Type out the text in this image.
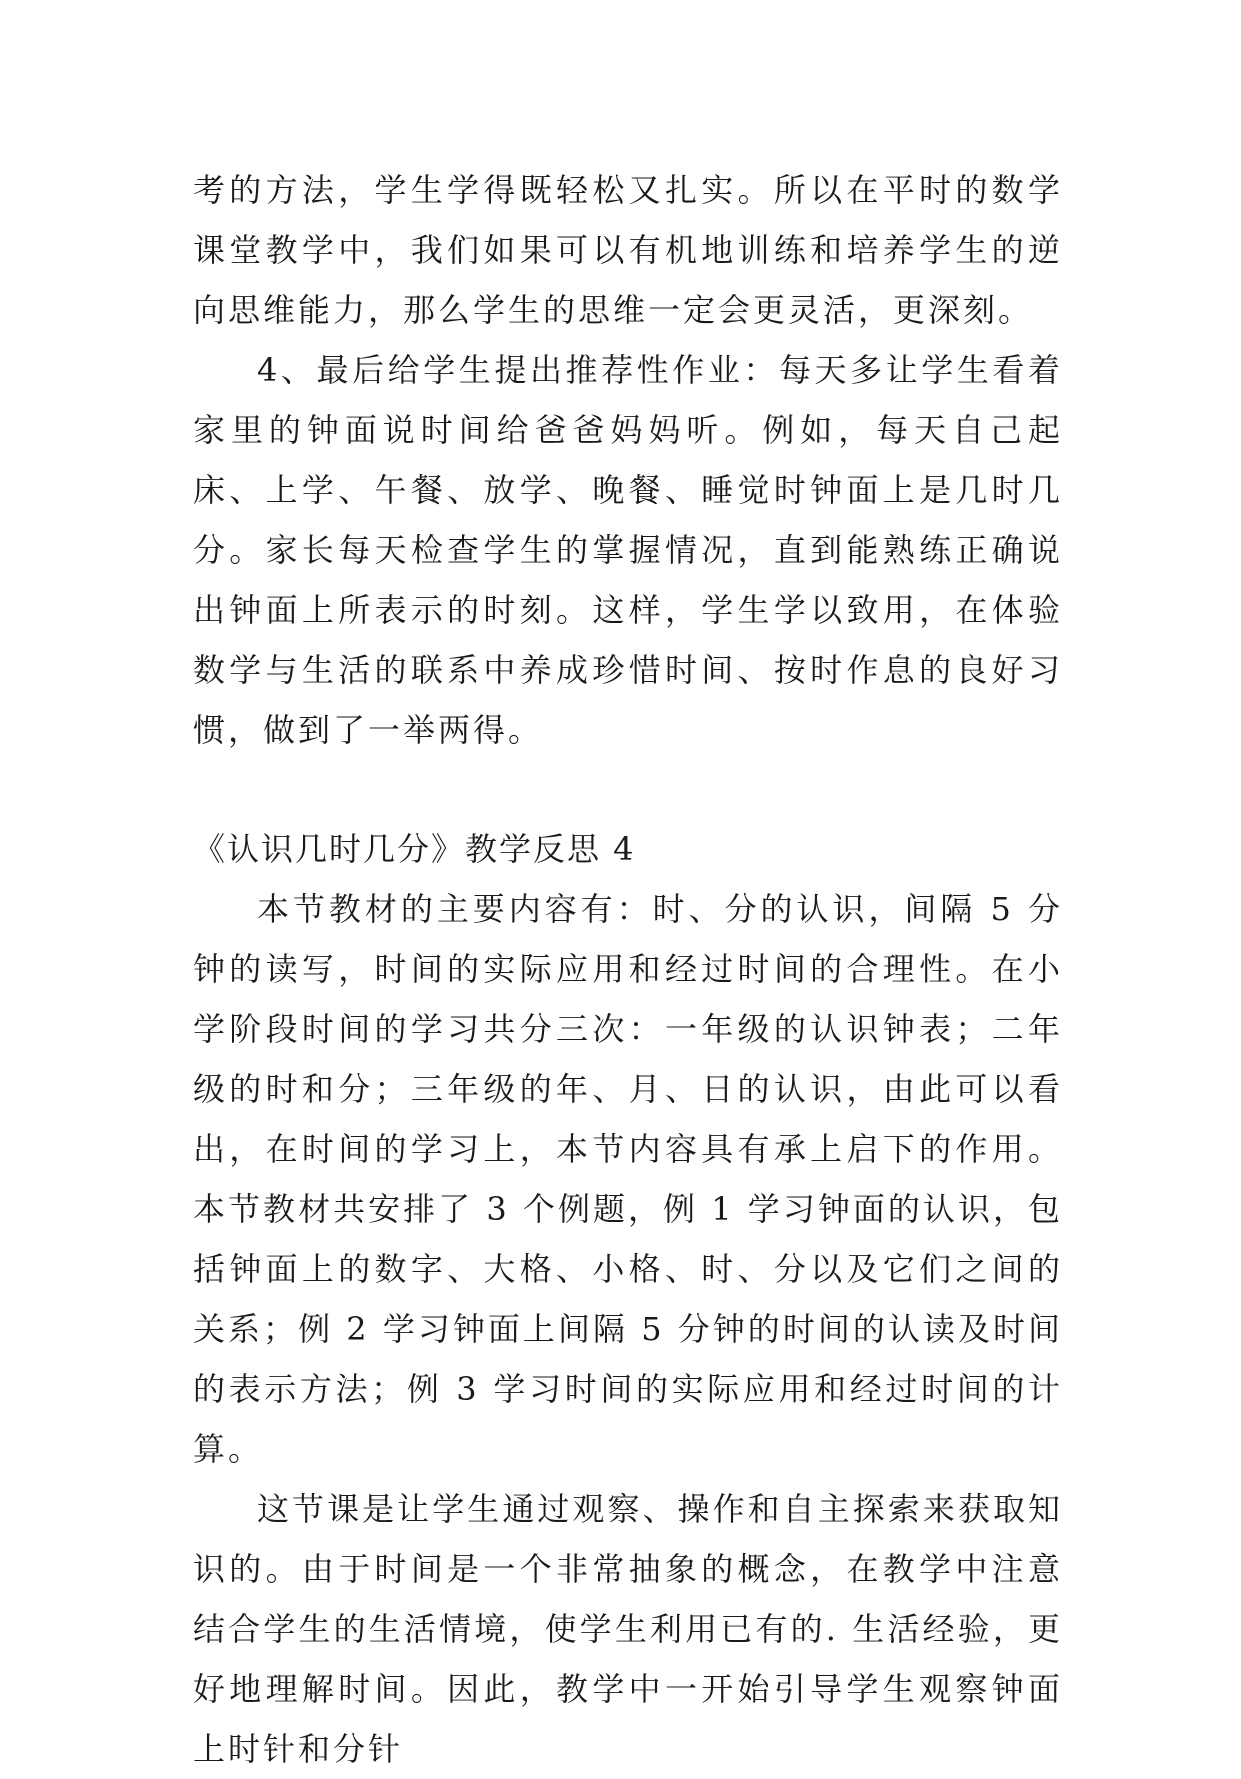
考的方法，学生学得既轻松又扎实。所以在平时的数学课堂教学中，我们如果可以有机地训练和培养学生的逆向思维能力，那么学生的思维一定会更灵活，更深刻。

4、最后给学生提出推荐性作业：每天多让学生看着家里的钟面说时间给爸爸妈妈听。例如，每天自己起床、上学、午餐、放学、晚餐、睡觉时钟面上是几时几分。家长每天检查学生的掌握情况，直到能熟练正确说出钟面上所表示的时刻。这样，学生学以致用，在体验数学与生活的联系中养成珍惜时间、按时作息的良好习惯，做到了一举两得。

《认识几时几分》教学反思 4

本节教材的主要内容有：时、分的认识，间隔 5 分钟的读写，时间的实际应用和经过时间的合理性。在小学阶段时间的学习共分三次：一年级的认识钟表；二年级的时和分；三年级的年、月、日的认识，由此可以看出，在时间的学习上，本节内容具有承上启下的作用。本节教材共安排了 3 个例题，例 1 学习钟面的认识，包括钟面上的数字、大格、小格、时、分以及它们之间的关系；例 2 学习钟面上间隔 5 分钟的时间的认读及时间的表示方法；例 3 学习时间的实际应用和经过时间的计算。

这节课是让学生通过观察、操作和自主探索来获取知识的。由于时间是一个非常抽象的概念，在教学中注意结合学生的生活情境，使学生利用已有的. 生活经验，更好地理解时间。因此，教学中一开始引导学生观察钟面上时针和分针
